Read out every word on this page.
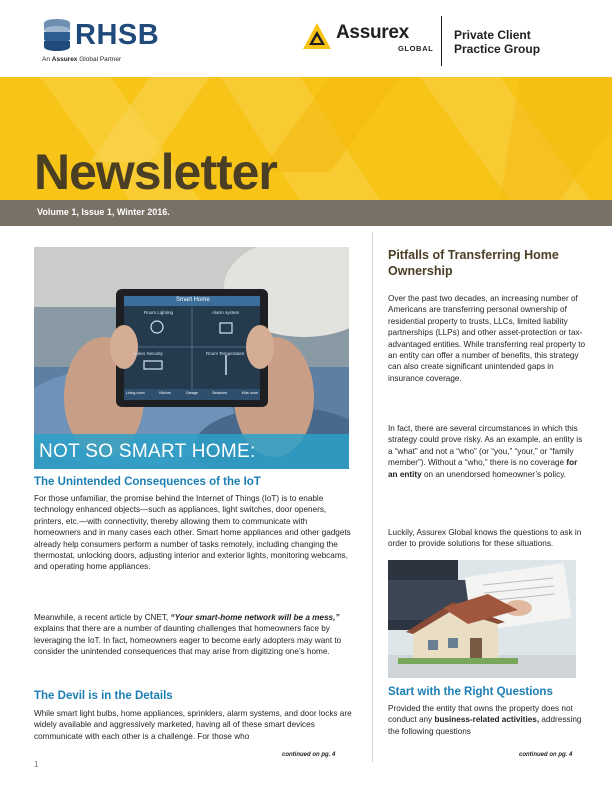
RHSB
An Assurex Global Partner
Assurex
GLOBAL
Private Client
Practice Group
Newsletter
Volume 1, Issue 1, Winter 2016.
Smart Home
Room Lighting	Alarm system
Video Security	Room Temperature
Living room	Kitchen	Garage	Bedroom	Kids room
NOT SO SMART HOME:
The Unintended Consequences of the IoT
For those unfamiliar, the promise behind the Internet of Things (IoT) is to enable technology enhanced objects—such as appliances, light switches, door openers, printers, etc.—with connectivity, thereby allowing them to communicate with homeowners and in many cases each other. Smart home appliances and other gadgets already help consumers perform a number of tasks remotely, including changing the thermostat, unlocking doors, adjusting interior and exterior lights, monitoring webcams, and operating home appliances.
Meanwhile, a recent article by CNET, “Your smart-home network will be a mess,” explains that there are a number of daunting challenges that homeowners face by leveraging the IoT. In fact, homeowners eager to become early adopters may want to consider the unintended consequences that may arise from digitizing one’s home.
The Devil is in the Details
While smart light bulbs, home appliances, sprinklers, alarm systems, and door locks are widely available and aggressively marketed, having all of these smart devices communicate with each other is a challenge. For those who
continued on pg. 4
1
Pitfalls of Transferring Home Ownership
Over the past two decades, an increasing number of Americans are transferring personal ownership of residential property to trusts, LLCs, limited liability partnerships (LLPs) and other asset-protection or tax-advantaged entities. While transferring real property to an entity can offer a number of benefits, this strategy can also create significant unintended gaps in insurance coverage.
In fact, there are several circumstances in which this strategy could prove risky. As an example, an entity is a “what” and not a “who” (or “you,” “your,” or “family member”). Without a “who,” there is no coverage for an entity on an unendorsed homeowner’s policy.
Luckily, Assurex Global knows the questions to ask in order to provide solutions for these situations.
Start with the Right Questions
Provided the entity that owns the property does not conduct any business-related activities, addressing the following questions
continued on pg. 4
